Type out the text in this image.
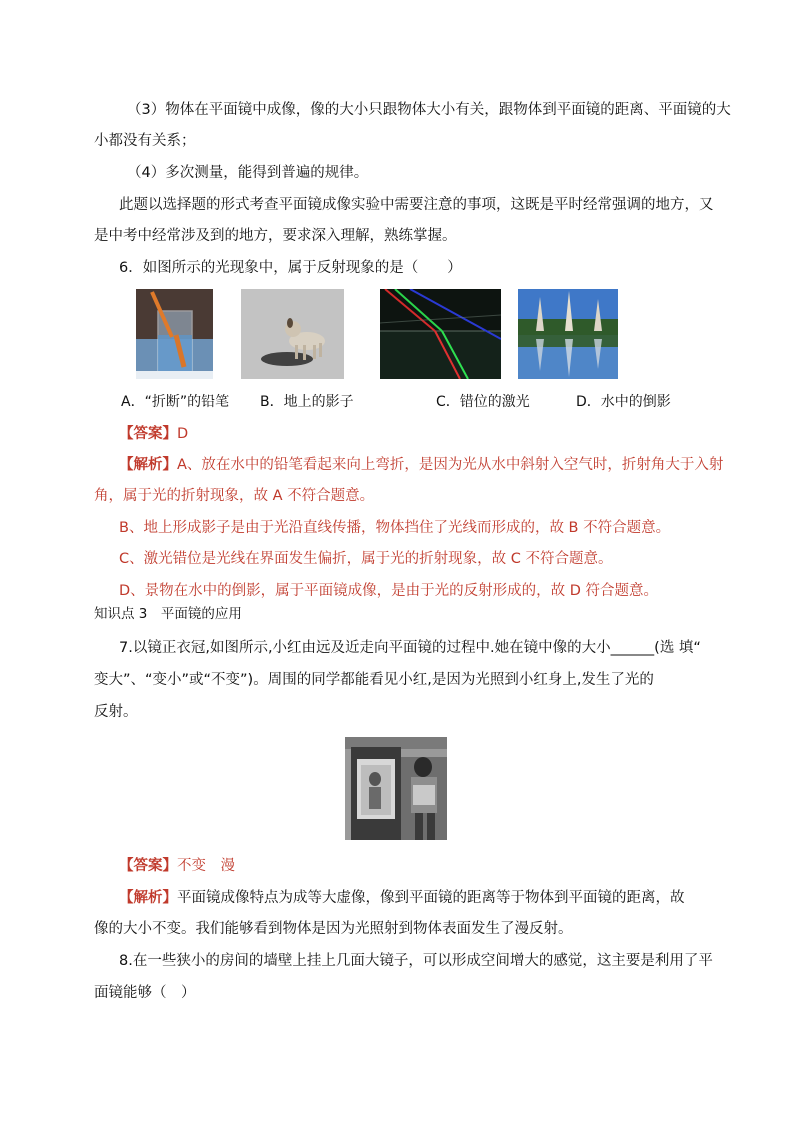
（3）物体在平面镜中成像，像的大小只跟物体大小有关，跟物体到平面镜的距离、平面镜的大
小都没有关系；
（4）多次测量，能得到普遍的规律。
此题以选择题的形式考查平面镜成像实验中需要注意的事项，这既是平时经常强调的地方，又
是中考中经常涉及到的地方，要求深入理解，熟练掌握。
6．如图所示的光现象中，属于反射现象的是（　　）
A．“折断”的铅笔 B．地上的影子	C．错位的激光	D．水中的倒影
【答案】D
【解析】A、放在水中的铅笔看起来向上弯折，是因为光从水中斜射入空气时，折射角大于入射
角，属于光的折射现象，故 A 不符合题意。
B、地上形成影子是由于光沿直线传播，物体挡住了光线而形成的，故 B 不符合题意。
C、激光错位是光线在界面发生偏折，属于光的折射现象，故 C 不符合题意。
D、景物在水中的倒影，属于平面镜成像，是由于光的反射形成的，故 D 符合题意。
知识点 3　平面镜的应用
7.以镜正衣冠,如图所示,小红由远及近走向平面镜的过程中.她在镜中像的大小______(选 填“
变大”、“变小”或“不变”)。周围的同学都能看见小红,是因为光照到小红身上,发生了光的
反射。
【答案】不变　漫
【解析】平面镜成像特点为成等大虚像，像到平面镜的距离等于物体到平面镜的距离，故
像的大小不变。我们能够看到物体是因为光照射到物体表面发生了漫反射。
8.在一些狭小的房间的墙壁上挂上几面大镜子，可以形成空间增大的感觉，这主要是利用了平
面镜能够（　）
